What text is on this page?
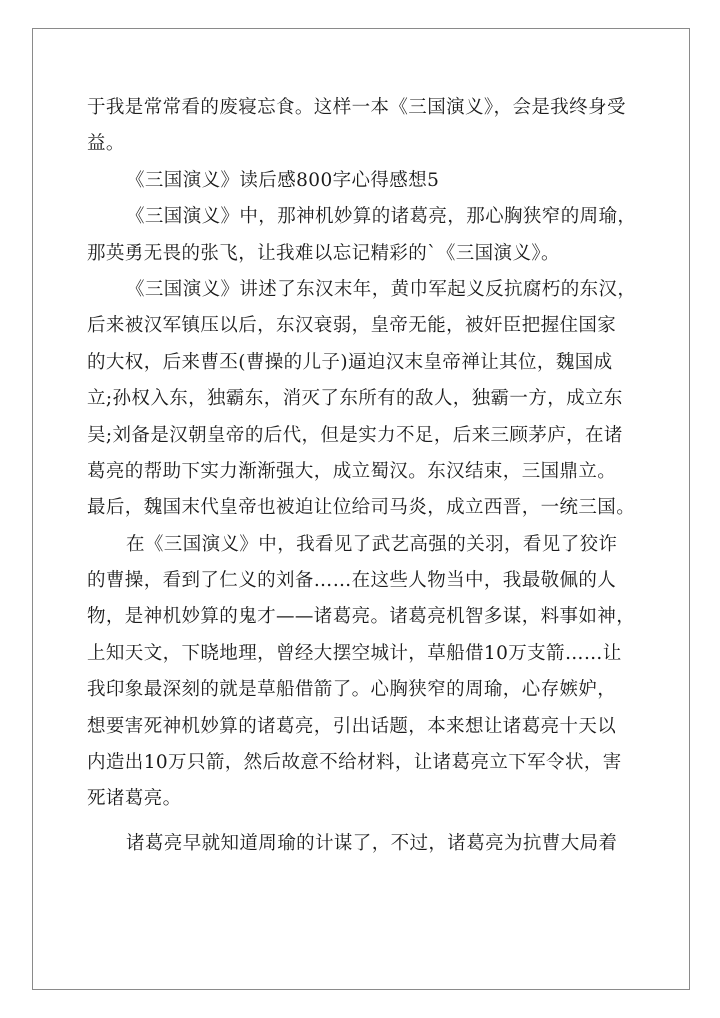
于我是常常看的废寝忘食。这样一本《三国演义》，会是我终身受
益。
《三国演义》读后感800字心得感想5
《三国演义》中，那神机妙算的诸葛亮，那心胸狭窄的周瑜，
那英勇无畏的张飞，让我难以忘记精彩的`《三国演义》。
《三国演义》讲述了东汉末年，黄巾军起义反抗腐朽的东汉，
后来被汉军镇压以后，东汉衰弱，皇帝无能，被奸臣把握住国家
的大权，后来曹丕(曹操的儿子)逼迫汉末皇帝禅让其位，魏国成
立;孙权入东，独霸东，消灭了东所有的敌人，独霸一方，成立东
吴;刘备是汉朝皇帝的后代，但是实力不足，后来三顾茅庐，在诸
葛亮的帮助下实力渐渐强大，成立蜀汉。东汉结束，三国鼎立。
最后，魏国末代皇帝也被迫让位给司马炎，成立西晋，一统三国。
在《三国演义》中，我看见了武艺高强的关羽，看见了狡诈
的曹操，看到了仁义的刘备……在这些人物当中，我最敬佩的人
物，是神机妙算的鬼才——诸葛亮。诸葛亮机智多谋，料事如神，
上知天文，下晓地理，曾经大摆空城计，草船借10万支箭……让
我印象最深刻的就是草船借箭了。心胸狭窄的周瑜，心存嫉妒，
想要害死神机妙算的诸葛亮，引出话题，本来想让诸葛亮十天以
内造出10万只箭，然后故意不给材料，让诸葛亮立下军令状，害
死诸葛亮。
诸葛亮早就知道周瑜的计谋了，不过，诸葛亮为抗曹大局着
